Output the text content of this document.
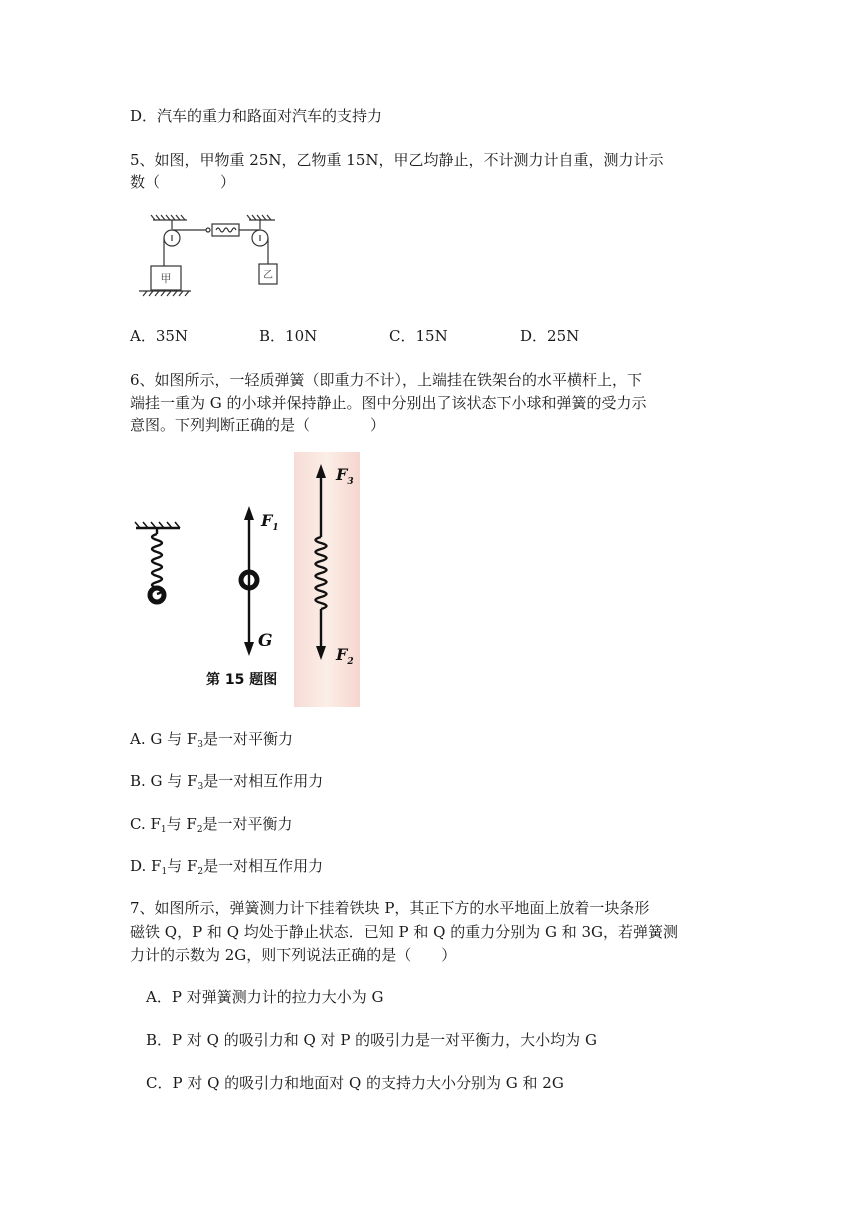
D．汽车的重力和路面对汽车的支持力
5、如图，甲物重 25N，乙物重 15N，甲乙均静止，不计测力计自重，测力计示
数（　　　　）
甲	乙
A．35N	B．10N	C．15N	D．25N
6、如图所示，一轻质弹簧（即重力不计），上端挂在铁架台的水平横杆上，下
端挂一重为 G 的小球并保持静止。图中分别出了该状态下小球和弹簧的受力示
意图。下列判断正确的是（　　　　）
$F_1$
G
$F_3$
$F_2$
第 15 题图
A. G 与 $F_3$是一对平衡力
B. G 与 $F_3$是一对相互作用力
C. $F_1$与 $F_2$是一对平衡力
D. $F_1$与 $F_2$是一对相互作用力
7、如图所示，弹簧测力计下挂着铁块 P，其正下方的水平地面上放着一块条形
磁铁 Q，P 和 Q 均处于静止状态．已知 P 和 Q 的重力分别为 G 和 3G，若弹簧测
力计的示数为 2G，则下列说法正确的是（　　）
A．P 对弹簧测力计的拉力大小为 G
B．P 对 Q 的吸引力和 Q 对 P 的吸引力是一对平衡力，大小均为 G
C．P 对 Q 的吸引力和地面对 Q 的支持力大小分别为 G 和 2G
